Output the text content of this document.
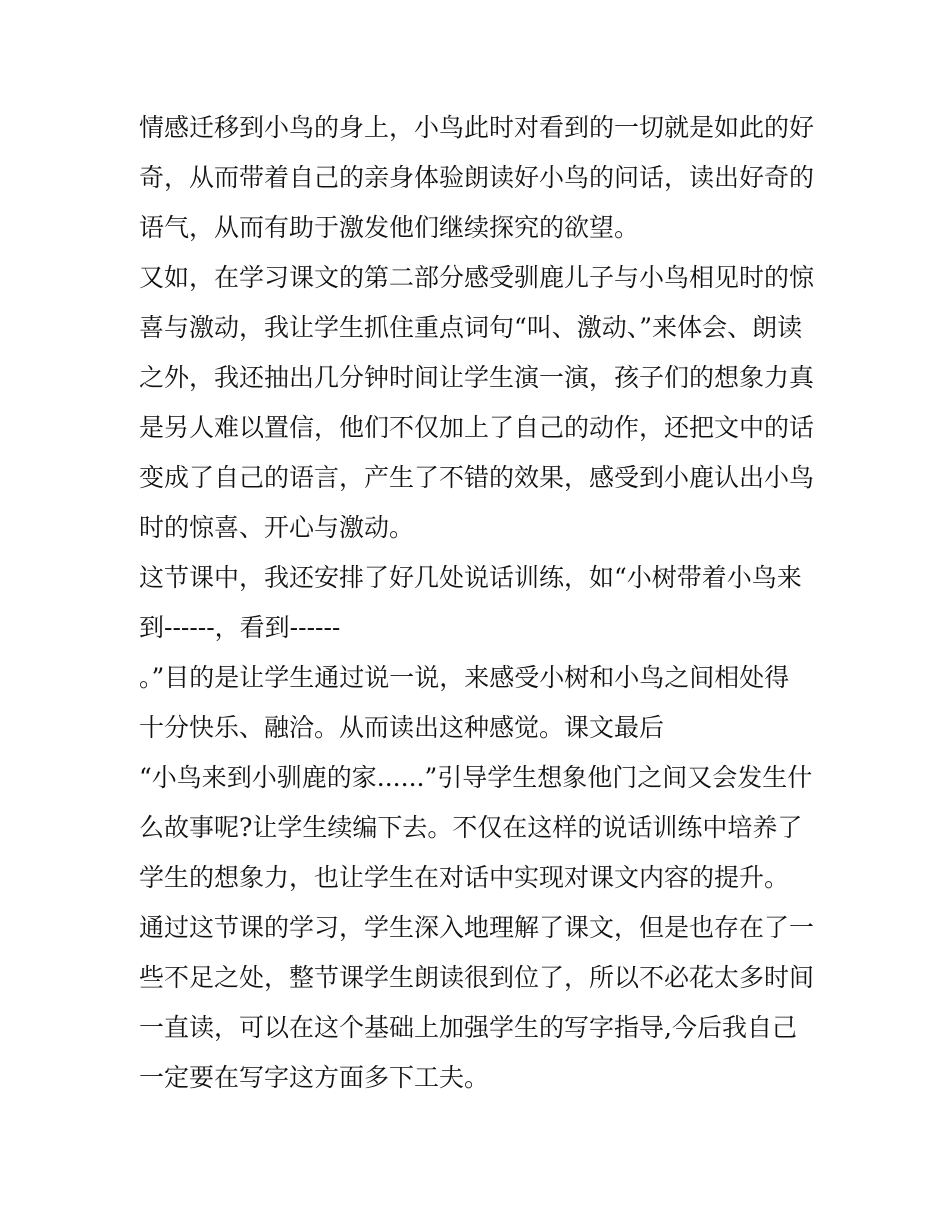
情感迁移到小鸟的身上，小鸟此时对看到的一切就是如此的好
奇，从而带着自己的亲身体验朗读好小鸟的问话，读出好奇的
语气，从而有助于激发他们继续探究的欲望。
又如，在学习课文的第二部分感受驯鹿儿子与小鸟相见时的惊
喜与激动，我让学生抓住重点词句“叫、激动、”来体会、朗读
之外，我还抽出几分钟时间让学生演一演，孩子们的想象力真
是另人难以置信，他们不仅加上了自己的动作，还把文中的话
变成了自己的语言，产生了不错的效果，感受到小鹿认出小鸟
时的惊喜、开心与激动。
这节课中，我还安排了好几处说话训练，如“小树带着小鸟来
到------，看到------
。”目的是让学生通过说一说，来感受小树和小鸟之间相处得
十分快乐、融洽。从而读出这种感觉。课文最后
“小鸟来到小驯鹿的家......”引导学生想象他门之间又会发生什
么故事呢?让学生续编下去。不仅在这样的说话训练中培养了
学生的想象力，也让学生在对话中实现对课文内容的提升。
通过这节课的学习，学生深入地理解了课文，但是也存在了一
些不足之处，整节课学生朗读很到位了，所以不必花太多时间
一直读，可以在这个基础上加强学生的写字指导,今后我自己
一定要在写字这方面多下工夫。
